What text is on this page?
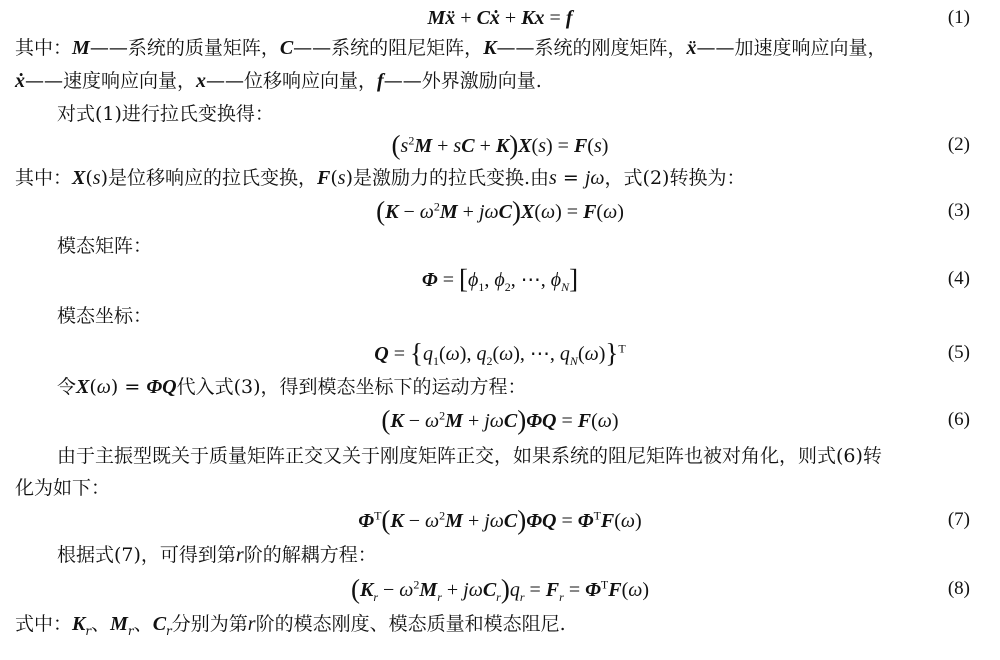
Mẍ + Cẋ + Kx = f	(1)
其中：M——系统的质量矩阵，C——系统的阻尼矩阵，K——系统的刚度矩阵，ẍ——加速度响应向量，
ẋ——速度响应向量，x——位移响应向量，f——外界激励向量.
对式(1)进行拉氏变换得：
($s^2M$ + sC + K)X(s) = F(s)	(2)
其中：X(s)是位移响应的拉氏变换，F(s)是激励力的拉氏变换.由s = jω，式(2)转换为：
$(K - \omega^2M + j\omega C)X(\omega) = F(\omega)$	(3)
模态矩阵：
$\Phi = [\phi_1$, $\phi_2$, ⋯, $\phi_N$]	(4)
模态坐标：
$Q = \{q_1(\omega)$, $q_2(\omega)$, ⋯, $q_N(\omega)\}^T$	(5)
令X(ω) = ΦQ代入式(3)，得到模态坐标下的运动方程：
$(K - \omega^2M + j\omega C)\Phi Q = F(\omega)$	(6)
由于主振型既关于质量矩阵正交又关于刚度矩阵正交，如果系统的阻尼矩阵也被对角化，则式(6)转
化为如下：
$\Phi^T(K - \omega^2M + j\omega C)\Phi Q = \Phi^TF(\omega)$	(7)
根据式(7)，可得到第r阶的解耦方程：
$(K_r - \omega^2M_r + j\omega C_r)q_r = F_r = \Phi^TF(\omega)$	(8)
式中：$K_r$、$M_r$、$C_r$分别为第r阶的模态刚度、模态质量和模态阻尼.
